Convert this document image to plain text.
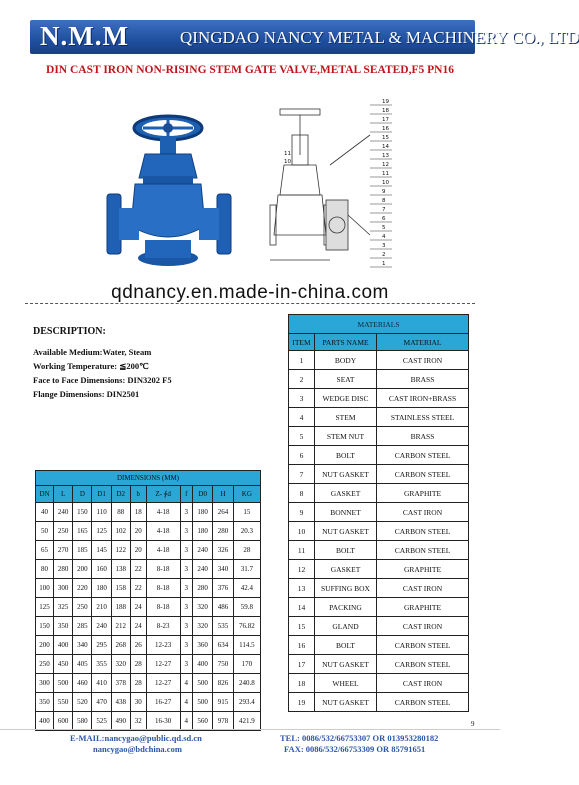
N.M.M	QINGDAO NANCY METAL & MACHINERY CO., LTD
DIN CAST IRON NON-RISING STEM GATE VALVE,METAL SEATED,F5 PN16
11
10
19
18
17
16
15
14
13
12
11
10
9
8
7
6
5
4
3
2
1
qdnancy.en.made-in-china.com
DESCRIPTION:
Available Medium:Water, Steam
Working Temperature: ≦200℃
Face to Face Dimensions: DIN3202 F5
Flange Dimensions: DIN2501
MATERIALS		
ITEM	PARTS NAME	MATERIAL
1	BODY	CAST IRON
2	SEAT	BRASS
3	WEDGE DISC	CAST IRON+BRASS
4	STEM	STAINLESS STEEL
5	STEM NUT	BRASS
6	BOLT	CARBON STEEL
7	NUT GASKET	CARBON STEEL
8	GASKET	GRAPHITE
9	BONNET	CAST IRON
10	NUT GASKET	CARBON STEEL
11	BOLT	CARBON STEEL
12	GASKET	GRAPHITE
13	SUFFING BOX	CAST IRON
14	PACKING	GRAPHITE
15	GLAND	CAST IRON
16	BOLT	CARBON STEEL
17	NUT GASKET	CARBON STEEL
18	WHEEL	CAST IRON
19	NUT GASKET	CARBON STEEL
DIMENSIONS (MM)										
DN	L	D	D1	D2	b	Z- ∮d	f	D0	H	KG
40	240	150	110	88	18	4-18	3	180	264	15
50	250	165	125	102	20	4-18	3	180	280	20.3
65	270	185	145	122	20	4-18	3	240	326	28
80	280	200	160	138	22	8-18	3	240	340	31.7
100	300	220	180	158	22	8-18	3	280	376	42.4
125	325	250	210	188	24	8-18	3	320	486	59.8
150	350	285	240	212	24	8-23	3	320	535	76.82
200	400	340	295	268	26	12-23	3	360	634	114.5
250	450	405	355	320	28	12-27	3	400	750	170
300	500	460	410	378	28	12-27	4	500	826	240.8
350	550	520	470	438	30	16-27	4	500	915	293.4
400	600	580	525	490	32	16-30	4	560	978	421.9	9
E-MAIL:nancygao@public.qd.sd.cn
nancygao@bdchina.com
TEL: 0086/532/66753307 OR 013953280182
FAX: 0086/532/66753309 OR 85791651
